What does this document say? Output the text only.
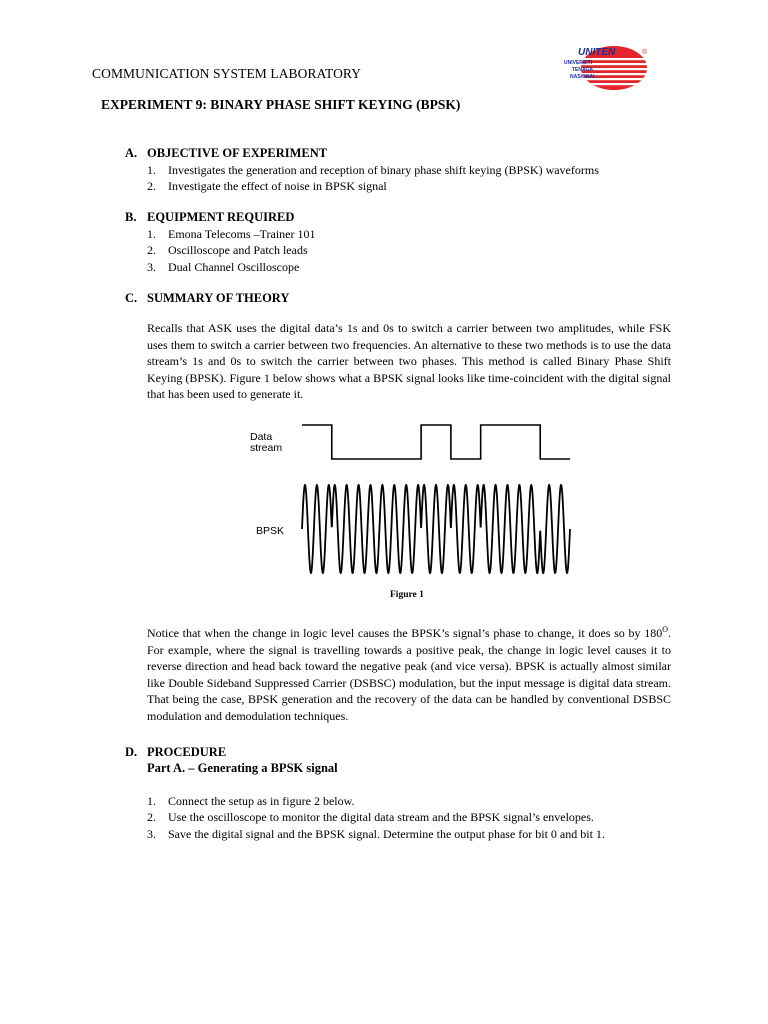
COMMUNICATION SYSTEM LABORATORY
UNITEN	®
UNIVERSITI
TENAGA
NASIONAL
EXPERIMENT 9: BINARY PHASE SHIFT KEYING (BPSK)
A. OBJECTIVE OF EXPERIMENT
1. Investigates the generation and reception of binary phase shift keying (BPSK) waveforms
2. Investigate the effect of noise in BPSK signal
B. EQUIPMENT REQUIRED
1. Emona Telecoms –Trainer 101
2. Oscilloscope and Patch leads
3. Dual Channel Oscilloscope
C. SUMMARY OF THEORY

Recalls that ASK uses the digital data’s 1s and 0s to switch a carrier between two amplitudes, while FSK uses them to switch a carrier between two frequencies. An alternative to these two methods is to use the data stream’s 1s and 0s to switch the carrier between two phases. This method is called Binary Phase Shift Keying (BPSK). Figure 1 below shows what a BPSK signal looks like time-coincident with the digital signal that has been used to generate it.

Data
stream
BPSK
Figure 1

Notice that when the change in logic level causes the BPSK’s signal’s phase to change, it does so by $180^O$. For example, where the signal is travelling towards a positive peak, the change in logic level causes it to reverse direction and head back toward the negative peak (and vice versa). BPSK is actually almost similar like Double Sideband Suppressed Carrier (DSBSC) modulation, but the input message is digital data stream. That being the case, BPSK generation and the recovery of the data can be handled by conventional DSBSC modulation and demodulation techniques.

D. PROCEDURE
Part A. – Generating a BPSK signal
1. Connect the setup as in figure 2 below.
2. Use the oscilloscope to monitor the digital data stream and the BPSK signal’s envelopes.
3. Save the digital signal and the BPSK signal. Determine the output phase for bit 0 and bit 1.
